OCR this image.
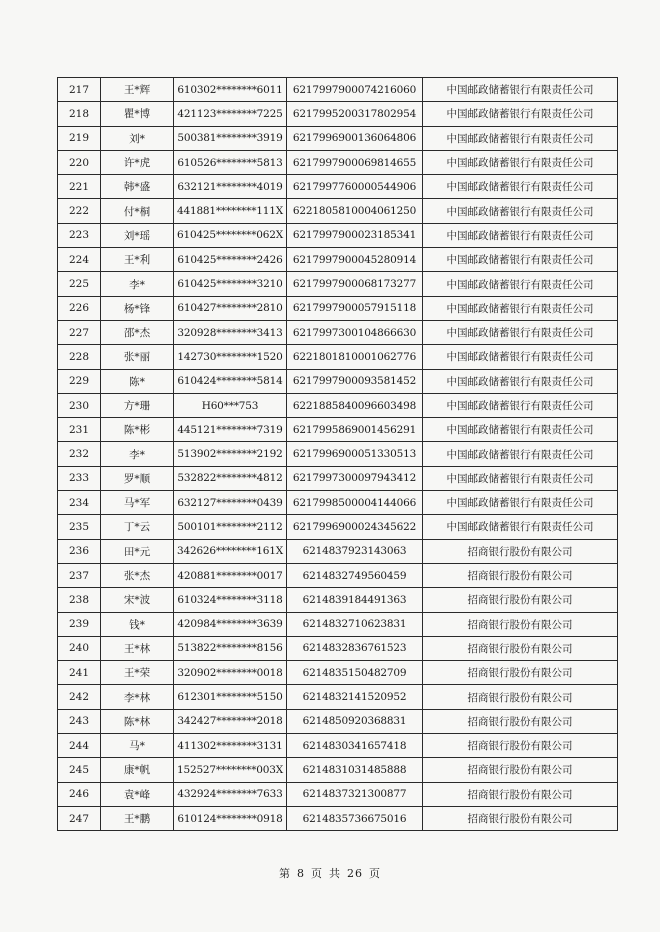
217	王*辉	610302********6011	6217997900074216060	中国邮政储蓄银行有限责任公司
218	瞿*博	421123********7225	6217995200317802954	中国邮政储蓄银行有限责任公司
219	刘*	500381********3919	6217996900136064806	中国邮政储蓄银行有限责任公司
220	许*虎	610526********5813	6217997900069814655	中国邮政储蓄银行有限责任公司
221	韩*盛	632121********4019	6217997760000544906	中国邮政储蓄银行有限责任公司
222	付*桐	441881********111X	6221805810004061250	中国邮政储蓄银行有限责任公司
223	刘*瑶	610425********062X	6217997900023185341	中国邮政储蓄银行有限责任公司
224	王*利	610425********2426	6217997900045280914	中国邮政储蓄银行有限责任公司
225	李*	610425********3210	6217997900068173277	中国邮政储蓄银行有限责任公司
226	杨*锋	610427********2810	6217997900057915118	中国邮政储蓄银行有限责任公司
227	邵*杰	320928********3413	6217997300104866630	中国邮政储蓄银行有限责任公司
228	张*丽	142730********1520	6221801810001062776	中国邮政储蓄银行有限责任公司
229	陈*	610424********5814	6217997900093581452	中国邮政储蓄银行有限责任公司
230	方*珊	H60***753	6221885840096603498	中国邮政储蓄银行有限责任公司
231	陈*彬	445121********7319	6217995869001456291	中国邮政储蓄银行有限责任公司
232	李*	513902********2192	6217996900051330513	中国邮政储蓄银行有限责任公司
233	罗*顺	532822********4812	6217997300097943412	中国邮政储蓄银行有限责任公司
234	马*军	632127********0439	6217998500004144066	中国邮政储蓄银行有限责任公司
235	丁*云	500101********2112	6217996900024345622	中国邮政储蓄银行有限责任公司
236	田*元	342626********161X	6214837923143063	招商银行股份有限公司
237	张*杰	420881********0017	6214832749560459	招商银行股份有限公司
238	宋*波	610324********3118	6214839184491363	招商银行股份有限公司
239	钱*	420984********3639	6214832710623831	招商银行股份有限公司
240	王*林	513822********8156	6214832836761523	招商银行股份有限公司
241	王*荣	320902********0018	6214835150482709	招商银行股份有限公司
242	李*林	612301********5150	6214832141520952	招商银行股份有限公司
243	陈*林	342427********2018	6214850920368831	招商银行股份有限公司
244	马*	411302********3131	6214830341657418	招商银行股份有限公司
245	康*帆	152527********003X	6214831031485888	招商银行股份有限公司
246	袁*峰	432924********7633	6214837321300877	招商银行股份有限公司
247	王*鹏	610124********0918	6214835736675016	招商银行股份有限公司
第 8 页 共 26 页
